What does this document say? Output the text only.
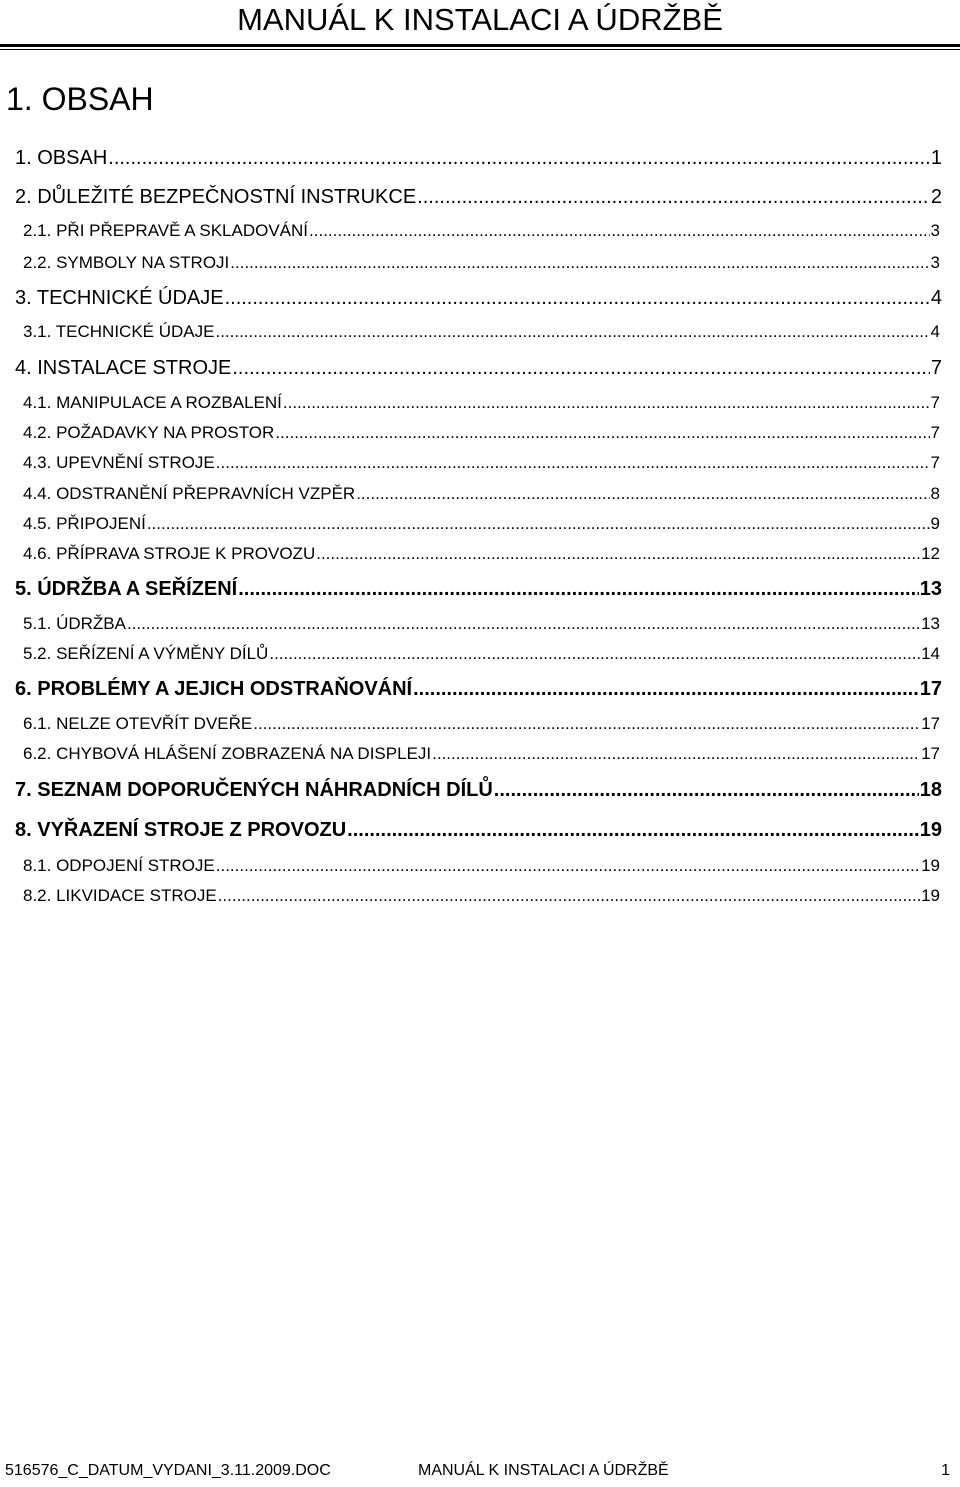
MANUÁL K INSTALACI A ÚDRŽBĚ
1. OBSAH
1. OBSAH .....	1
2. DŮLEŽITÉ BEZPEČNOSTNÍ INSTRUKCE .....	2
2.1. PŘI PŘEPRAVĚ A SKLADOVÁNÍ .....	3
2.2. SYMBOLY NA STROJI .....	3
3. TECHNICKÉ ÚDAJE .....	4
3.1. TECHNICKÉ ÚDAJE .....	4
4. INSTALACE STROJE .....	7
4.1. MANIPULACE A ROZBALENÍ .....	7
4.2. POŽADAVKY NA PROSTOR .....	7
4.3. UPEVNĚNÍ STROJE .....	7
4.4. ODSTRANĚNÍ PŘEPRAVNÍCH VZPĚR .....	8
4.5. PŘIPOJENÍ .....	9
4.6. PŘÍPRAVA STROJE K PROVOZU .....	12
5. ÚDRŽBA A SEŘÍZENÍ .....	13
5.1. ÚDRŽBA .....	13
5.2. SEŘÍZENÍ A VÝMĚNY DÍLŮ .....	14
6. PROBLÉMY A JEJICH ODSTRAŇOVÁNÍ .....	17
6.1. NELZE OTEVŘÍT DVEŘE .....	17
6.2. CHYBOVÁ HLÁŠENÍ ZOBRAZENÁ NA DISPLEJI .....	17
7. SEZNAM DOPORUČENÝCH NÁHRADNÍCH DÍLŮ .....	18
8. VYŘAZENÍ STROJE Z PROVOZU .....	19
8.1. ODPOJENÍ STROJE .....	19
8.2. LIKVIDACE STROJE .....	19
516576_C_DATUM_VYDANI_3.11.2009.DOC	MANUÁL K INSTALACI A ÚDRŽBĚ	1
